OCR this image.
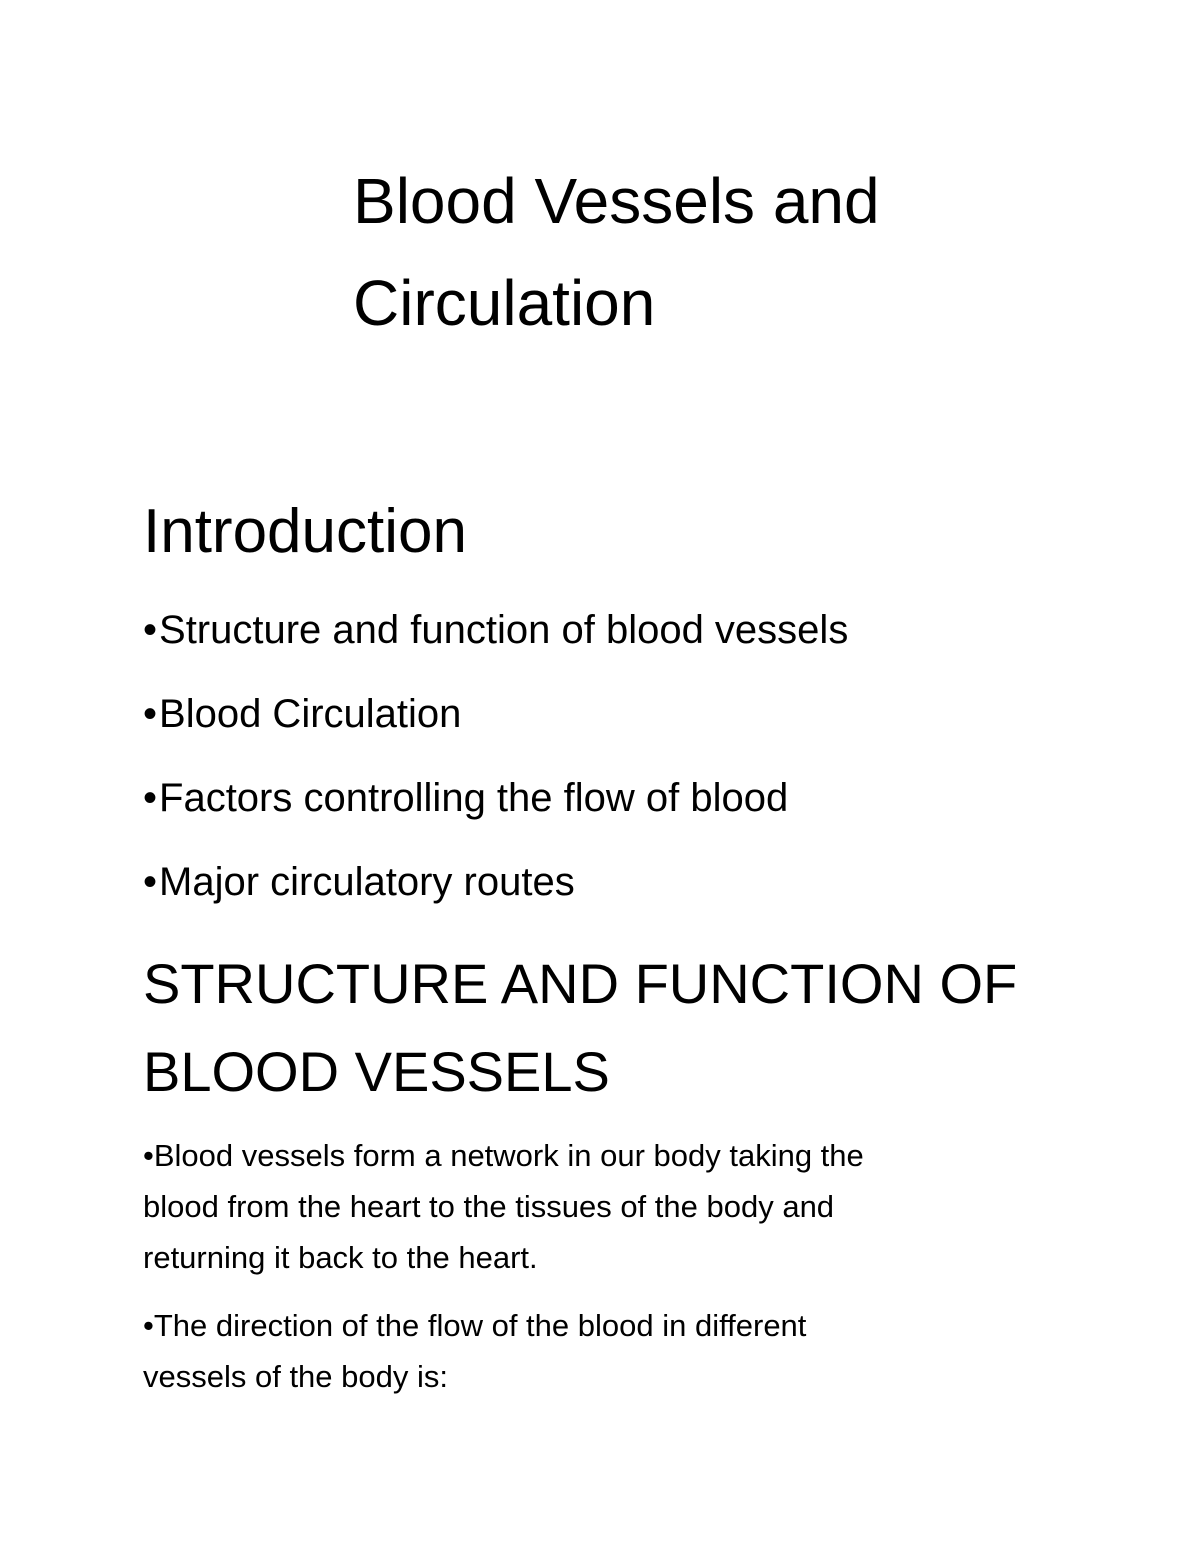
Blood Vessels and
Circulation
Introduction
•Structure and function of blood vessels
•Blood Circulation
•Factors controlling the flow of blood
•Major circulatory routes
STRUCTURE AND FUNCTION OF
BLOOD VESSELS

•Blood vessels form a network in our body taking the
blood from the heart to the tissues of the body and
returning it back to the heart.

•The direction of the flow of the blood in different
vessels of the body is:
